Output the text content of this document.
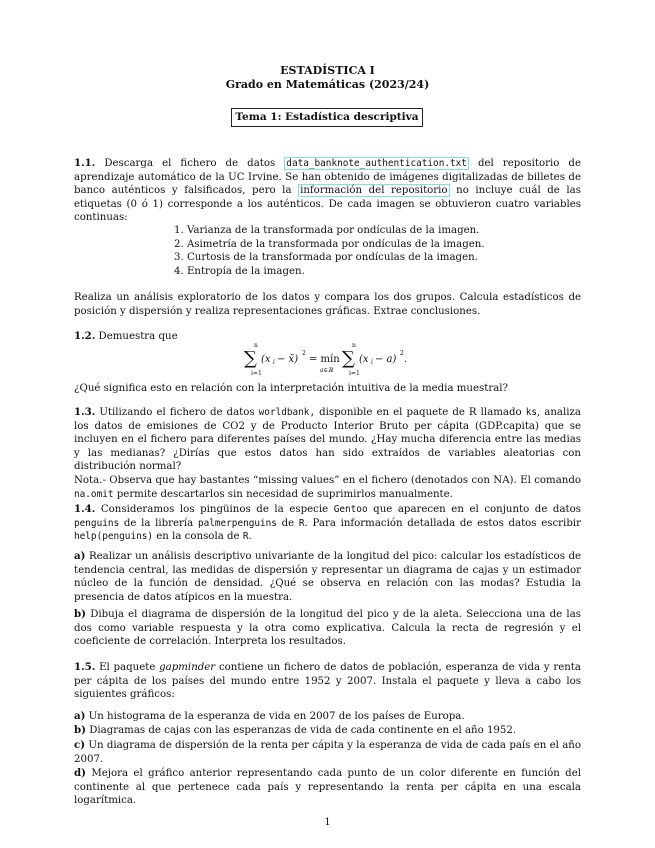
ESTADÍSTICA I
Grado en Matemáticas (2023/24)
Tema 1: Estadística descriptiva
1.1. Descarga el fichero de datos data_banknote_authentication.txt del repositorio de aprendizaje automático de la UC Irvine. Se han obtenido de imágenes digitalizadas de billetes de banco auténticos y falsificados, pero la información del repositorio no incluye cuál de las etiquetas (0 ó 1) corresponde a los auténticos. De cada imagen se obtuvieron cuatro variables continuas:
1. Varianza de la transformada por ondículas de la imagen.
2. Asimetría de la transformada por ondículas de la imagen.
3. Curtosis de la transformada por ondículas de la imagen.
4. Entropía de la imagen.
Realiza un análisis exploratorio de los datos y compara los dos grupos. Calcula estadísticos de posición y dispersión y realiza representaciones gráficas. Extrae conclusiones.
1.2. Demuestra que
n
∑
i=1
(x i − x̄)
2
= mín
a∈ℝ
n
∑
i=1
(x i − a)
2
.
¿Qué significa esto en relación con la interpretación intuitiva de la media muestral?
1.3. Utilizando el fichero de datos worldbank, disponible en el paquete de R llamado ks, analiza los datos de emisiones de CO2 y de Producto Interior Bruto per cápita (GDP.capita) que se incluyen en el fichero para diferentes países del mundo. ¿Hay mucha diferencia entre las medias y las medianas? ¿Dirías que estos datos han sido extraídos de variables aleatorias con distribución normal?
Nota.- Observa que hay bastantes “missing values” en el fichero (denotados con NA). El comando na.omit permite descartarlos sin necesidad de suprimirlos manualmente.
1.4. Consideramos los pingüinos de la especie Gentoo que aparecen en el conjunto de datos penguins de la librería palmerpenguins de R. Para información detallada de estos datos escribir help(penguins) en la consola de R.
a) Realizar un análisis descriptivo univariante de la longitud del pico: calcular los estadísticos de tendencia central, las medidas de dispersión y representar un diagrama de cajas y un estimador núcleo de la función de densidad. ¿Qué se observa en relación con las modas? Estudia la presencia de datos atípicos en la muestra.
b) Dibuja el diagrama de dispersión de la longitud del pico y de la aleta. Selecciona una de las dos como variable respuesta y la otra como explicativa. Calcula la recta de regresión y el coeficiente de correlación. Interpreta los resultados.
1.5. El paquete gapminder contiene un fichero de datos de población, esperanza de vida y renta per cápita de los países del mundo entre 1952 y 2007. Instala el paquete y lleva a cabo los siguientes gráficos:
a) Un histograma de la esperanza de vida en 2007 de los países de Europa.
b) Diagramas de cajas con las esperanzas de vida de cada continente en el año 1952.
c) Un diagrama de dispersión de la renta per cápita y la esperanza de vida de cada país en el año 2007.
d) Mejora el gráfico anterior representando cada punto de un color diferente en función del continente al que pertenece cada país y representando la renta per cápita en una escala logarítmica.
1
